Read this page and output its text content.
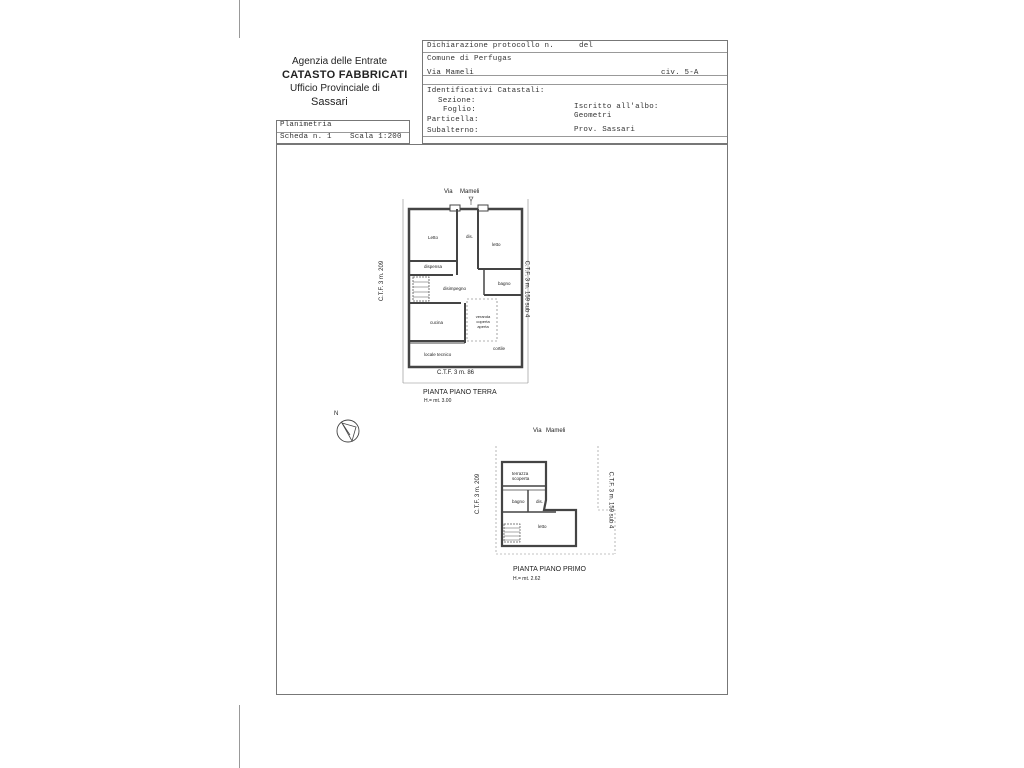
Agenzia delle Entrate
CATASTO FABBRICATI
Ufficio Provinciale di
Sassari
Dichiarazione protocollo n.	del
Comune di Perfugas
Via Mameli	civ. 5-A
Identificativi Catastali:
Sezione:
Foglio:
Particella:
Subalterno:
Iscritto all'albo:
Geometri
Prov. Sassari
Planimetria
Scheda n. 1 Scala 1:200
Via Mameli
Letto	dis.
letto
dispensa
disimpegno
bagno
veranda coperta aperta
cucina
cortile
locale tecnico
C.T.F. 3 m. 209	C.T.F. 3 m. 159 sub 4
C.T.F. 3 m. 86
PIANTA PIANO TERRA
H.= mt. 3.00
N
Via Mameli
terrazza scoperta
bagno	dis.
letto
C.T.F. 3 m. 209	C.T.F. 3 m. 159 sub 4
PIANTA PIANO PRIMO
H.= mt. 2.62
